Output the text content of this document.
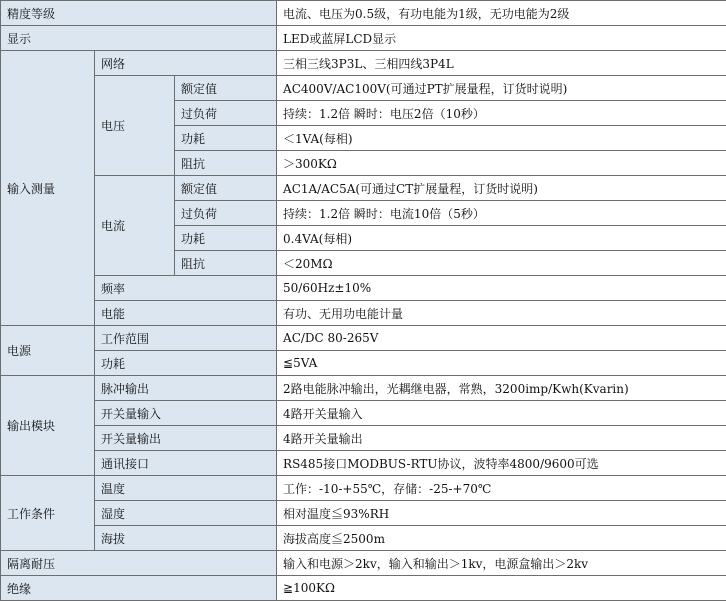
精度等级			电流、电压为0.5级，有功电能为1级，无功电能为2级
显示			LED或蓝屏LCD显示
输入测量	网络		三相三线3P3L、三相四线3P4L
	电压	额定值	AC400V/AC100V(可通过PT扩展量程，订货时说明)
		过负荷	持续：1.2倍 瞬时：电压2倍（10秒）
		功耗	＜1VA(每相)
		阻抗	＞300KΩ
	电流	额定值	AC1A/AC5A(可通过CT扩展量程，订货时说明)
		过负荷	持续：1.2倍 瞬时：电流10倍（5秒）
		功耗	0.4VA(每相)
		阻抗	＜20MΩ
	频率		50/60Hz±10%
	电能		有功、无用功电能计量
电源	工作范围		AC/DC 80-265V
	功耗		≦5VA
输出模块	脉冲输出		2路电能脉冲输出，光耦继电器，常熟，3200imp/Kwh(Kvarin)
	开关量输入		4路开关量输入
	开关量输出		4路开关量输出
	通讯接口		RS485接口MODBUS-RTU协议，波特率4800/9600可选
工作条件	温度		工作：-10-+55℃，存储：-25-+70℃
	湿度		相对温度≦93%RH
	海拔		海拔高度≦2500m
隔离耐压			输入和电源＞2kv，输入和输出＞1kv，电源盒输出＞2kv
绝缘			≧100KΩ
